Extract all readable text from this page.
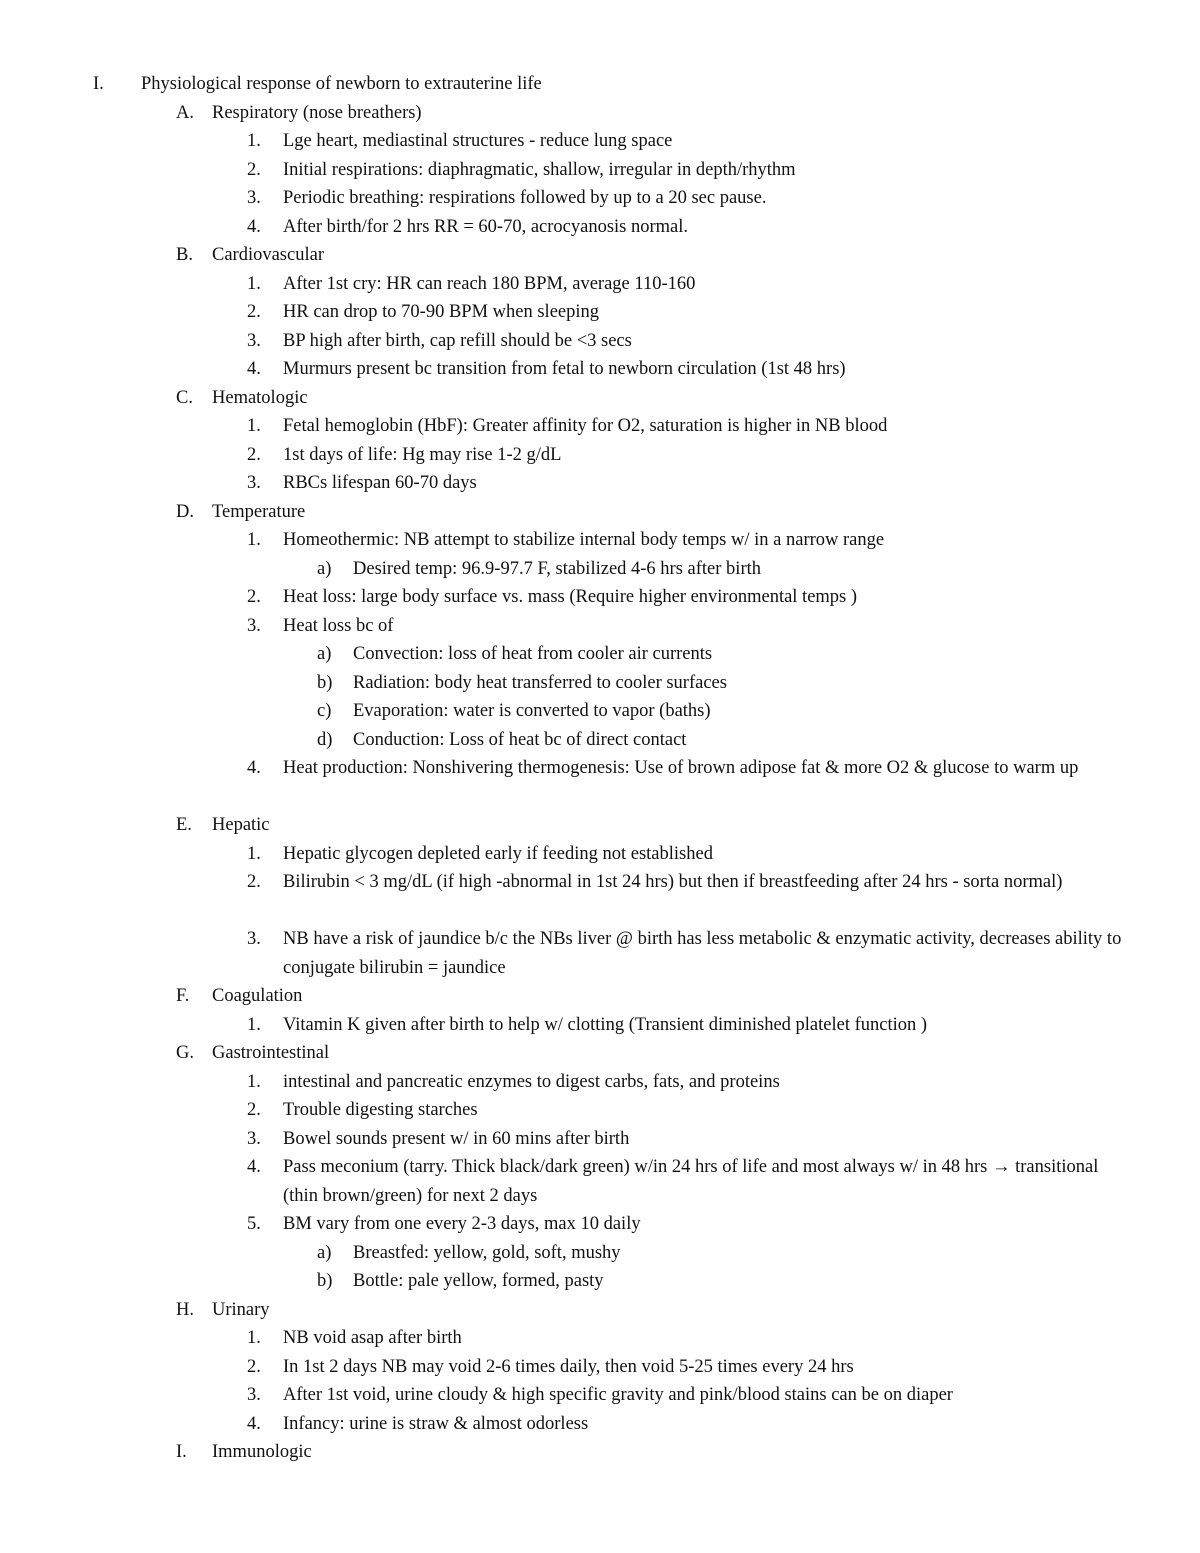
I. Physiological response of newborn to extrauterine life
A. Respiratory (nose breathers)
1. Lge heart, mediastinal structures - reduce lung space
2. Initial respirations: diaphragmatic, shallow, irregular in depth/rhythm
3. Periodic breathing: respirations followed by up to a 20 sec pause.
4. After birth/for 2 hrs RR = 60-70, acrocyanosis normal.
B. Cardiovascular
1. After 1st cry: HR can reach 180 BPM, average 110-160
2. HR can drop to 70-90 BPM when sleeping
3. BP high after birth, cap refill should be <3 secs
4. Murmurs present bc transition from fetal to newborn circulation (1st 48 hrs)
C. Hematologic
1. Fetal hemoglobin (HbF): Greater affinity for O2, saturation is higher in NB blood
2. 1st days of life: Hg may rise 1-2 g/dL
3. RBCs lifespan 60-70 days
D. Temperature
1. Homeothermic: NB attempt to stabilize internal body temps w/ in a narrow range
a) Desired temp: 96.9-97.7 F, stabilized 4-6 hrs after birth
2. Heat loss: large body surface vs. mass (Require higher environmental temps )
3. Heat loss bc of
a) Convection: loss of heat from cooler air currents
b) Radiation: body heat transferred to cooler surfaces
c) Evaporation: water is converted to vapor (baths)
d) Conduction: Loss of heat bc of direct contact
4. Heat production: Nonshivering thermogenesis: Use of brown adipose fat & more O2 & glucose to warm up
E. Hepatic
1. Hepatic glycogen depleted early if feeding not established
2. Bilirubin < 3 mg/dL (if high -abnormal in 1st 24 hrs) but then if breastfeeding after 24 hrs - sorta normal)
3. NB have a risk of jaundice b/c the NBs liver @ birth has less metabolic & enzymatic activity, decreases ability to conjugate bilirubin = jaundice
F. Coagulation
1. Vitamin K given after birth to help w/ clotting (Transient diminished platelet function )
G. Gastrointestinal
1. intestinal and pancreatic enzymes to digest carbs, fats, and proteins
2. Trouble digesting starches
3. Bowel sounds present w/ in 60 mins after birth
4. Pass meconium (tarry. Thick black/dark green) w/in 24 hrs of life and most always w/ in 48 hrs → transitional (thin brown/green) for next 2 days
5. BM vary from one every 2-3 days, max 10 daily
a) Breastfed: yellow, gold, soft, mushy
b) Bottle: pale yellow, formed, pasty
H. Urinary
1. NB void asap after birth
2. In 1st 2 days NB may void 2-6 times daily, then void 5-25 times every 24 hrs
3. After 1st void, urine cloudy & high specific gravity and pink/blood stains can be on diaper
4. Infancy: urine is straw & almost odorless
I. Immunologic
